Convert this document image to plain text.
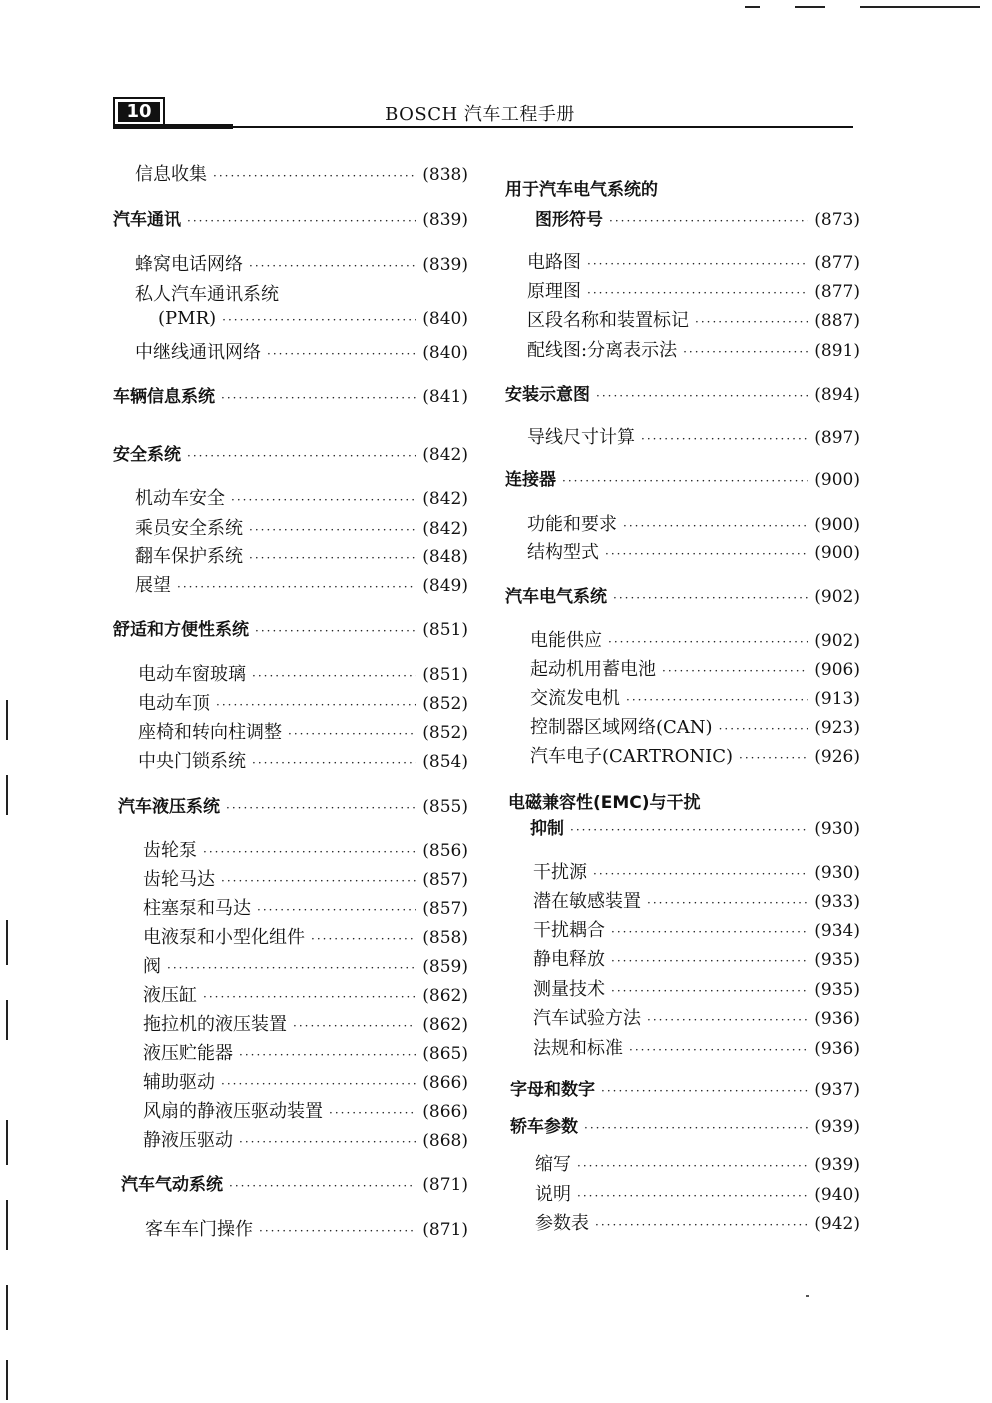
10	BOSCH 汽车工程手册
信息收集 ·····	(838)
汽车通讯 ·····	(839)
蜂窝电话网络 ·····	(839)
私人汽车通讯系统
(PMR) ·····	(840)
中继线通讯网络 ·····	(840)
车辆信息系统 ·····	(841)
安全系统 ·····	(842)
机动车安全 ·····	(842)
乘员安全系统 ·····	(842)
翻车保护系统 ·····	(848)
展望 ·····	(849)
舒适和方便性系统 ·····	(851)
电动车窗玻璃 ·····	(851)
电动车顶 ·····	(852)
座椅和转向柱调整 ·····	(852)
中央门锁系统 ·····	(854)
汽车液压系统 ·····	(855)
齿轮泵 ·····	(856)
齿轮马达 ·····	(857)
柱塞泵和马达 ·····	(857)
电液泵和小型化组件 ·····	(858)
阀 ·····	(859)
液压缸 ·····	(862)
拖拉机的液压装置 ·····	(862)
液压贮能器 ·····	(865)
辅助驱动 ·····	(866)
风扇的静液压驱动装置 ·····	(866)
静液压驱动 ·····	(868)
汽车气动系统 ·····	(871)
客车车门操作 ·····	(871)
用于汽车电气系统的
图形符号 ·····	(873)
电路图 ·····	(877)
原理图 ·····	(877)
区段名称和装置标记 ·····	(887)
配线图:分离表示法 ·····	(891)
安装示意图 ·····	(894)
导线尺寸计算 ·····	(897)
连接器 ·····	(900)
功能和要求 ·····	(900)
结构型式 ·····	(900)
汽车电气系统 ·····	(902)
电能供应 ·····	(902)
起动机用蓄电池 ·····	(906)
交流发电机 ·····	(913)
控制器区域网络(CAN) ·····	(923)
汽车电子(CARTRONIC) ·····	(926)
电磁兼容性(EMC)与干扰
抑制 ·····	(930)
干扰源 ·····	(930)
潜在敏感装置 ·····	(933)
干扰耦合 ·····	(934)
静电释放 ·····	(935)
测量技术 ·····	(935)
汽车试验方法 ·····	(936)
法规和标准 ·····	(936)
字母和数字 ·····	(937)
轿车参数 ·····	(939)
缩写 ·····	(939)
说明 ·····	(940)
参数表 ·····	(942)
